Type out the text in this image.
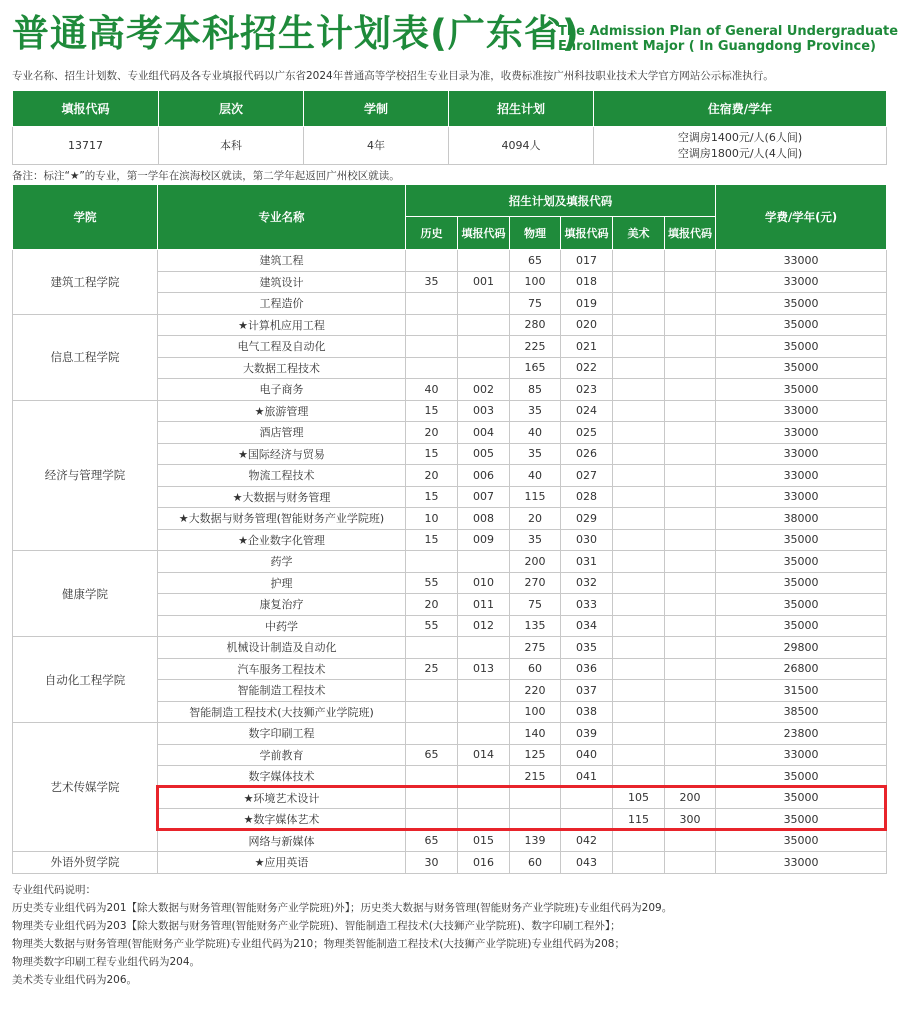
普通高考本科招生计划表(广东省)
The Admission Plan of General Undergraduate
Enrollment Major ( In Guangdong Province)
专业名称、招生计划数、专业组代码及各专业填报代码以广东省2024年普通高等学校招生专业目录为准，收费标准按广州科技职业技术大学官方网站公示标准执行。
填报代码	层次	学制	招生计划	住宿费/学年
13717	本科	4年	4094人	空调房1400元/人(6人间)
空调房1800元/人(4人间)
备注：标注“★”的专业，第一学年在滨海校区就读，第二学年起返回广州校区就读。
学院	专业名称	招生计划及填报代码						学费/学年(元)
		历史	填报代码	物理	填报代码	美术	填报代码	
建筑工程学院	建筑工程			65	017			33000
	建筑设计	35	001	100	018			33000
	工程造价			75	019			35000
信息工程学院	★计算机应用工程			280	020			35000
	电气工程及自动化			225	021			35000
	大数据工程技术			165	022			35000
	电子商务	40	002	85	023			35000
经济与管理学院	★旅游管理	15	003	35	024			33000
	酒店管理	20	004	40	025			33000
	★国际经济与贸易	15	005	35	026			33000
	物流工程技术	20	006	40	027			33000
	★大数据与财务管理	15	007	115	028			33000
	★大数据与财务管理(智能财务产业学院班)	10	008	20	029			38000
	★企业数字化管理	15	009	35	030			35000
健康学院	药学			200	031			35000
	护理	55	010	270	032			35000
	康复治疗	20	011	75	033			35000
	中药学	55	012	135	034			35000
自动化工程学院	机械设计制造及自动化			275	035			29800
	汽车服务工程技术	25	013	60	036			26800
	智能制造工程技术			220	037			31500
	智能制造工程技术(大技狮产业学院班)			100	038			38500
艺术传媒学院	数字印刷工程			140	039			23800
	学前教育	65	014	125	040			33000
	数字媒体技术			215	041			35000
	★环境艺术设计					105	200	35000
	★数字媒体艺术					115	300	35000
	网络与新媒体	65	015	139	042			35000
外语外贸学院	★应用英语	30	016	60	043			33000
专业组代码说明：
历史类专业组代码为201【除大数据与财务管理(智能财务产业学院班)外】；历史类大数据与财务管理(智能财务产业学院班)专业组代码为209。
物理类专业组代码为203【除大数据与财务管理(智能财务产业学院班)、智能制造工程技术(大技狮产业学院班)、数字印刷工程外】；
物理类大数据与财务管理(智能财务产业学院班)专业组代码为210；物理类智能制造工程技术(大技狮产业学院班)专业组代码为208；
物理类数字印刷工程专业组代码为204。
美术类专业组代码为206。
